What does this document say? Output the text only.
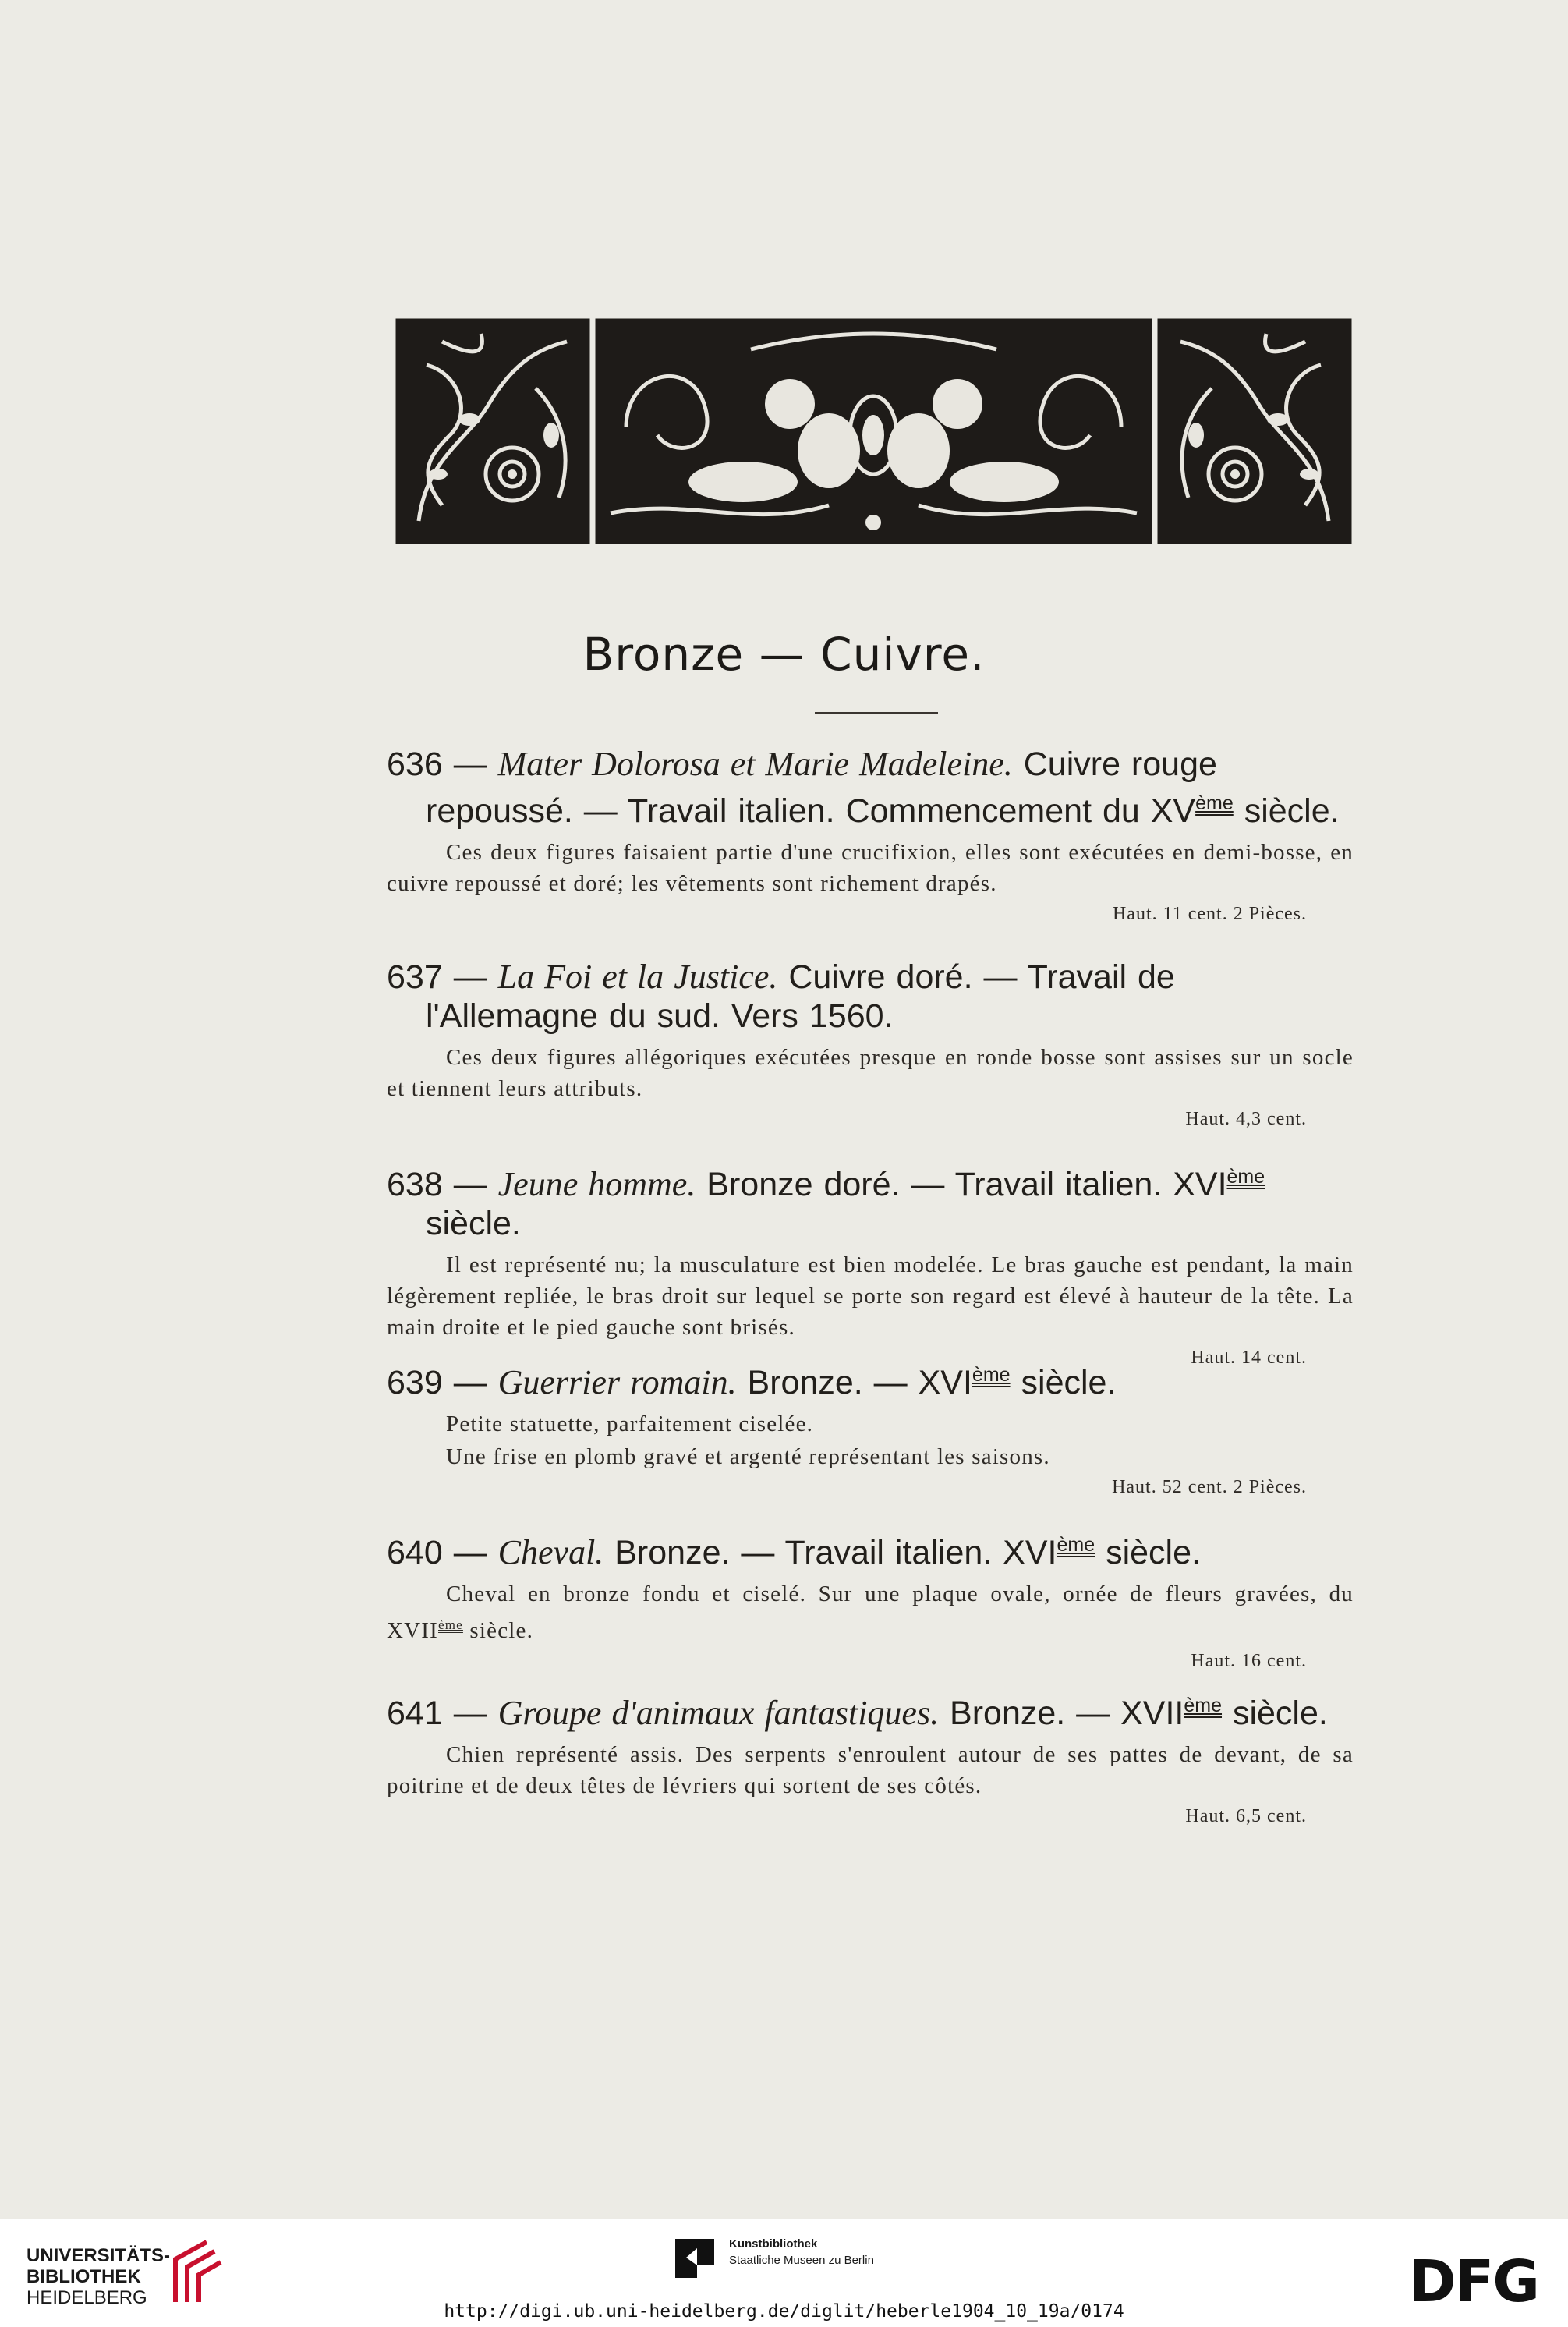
Bronze — Cuivre.
636 — Mater Dolorosa et Marie Madeleine. Cuivre rouge repoussé. — Travail italien. Commencement du XVème siècle.
Ces deux figures faisaient partie d'une crucifixion, elles sont exécutées en demi-bosse, en cuivre repoussé et doré; les vêtements sont richement drapés.
Haut. 11 cent. 2 Pièces.
637 — La Foi et la Justice. Cuivre doré. — Travail de l'Allemagne du sud. Vers 1560.
Ces deux figures allégoriques exécutées presque en ronde bosse sont assises sur un socle et tiennent leurs attributs.
Haut. 4,3 cent.
638 — Jeune homme. Bronze doré. — Travail italien. XVIème siècle.
Il est représenté nu; la musculature est bien modelée. Le bras gauche est pendant, la main légèrement repliée, le bras droit sur lequel se porte son regard est élevé à hauteur de la tête. La main droite et le pied gauche sont brisés.
Haut. 14 cent.
639 — Guerrier romain. Bronze. — XVIème siècle.
Petite statuette, parfaitement ciselée.
Une frise en plomb gravé et argenté représentant les saisons.
Haut. 52 cent. 2 Pièces.
640 — Cheval. Bronze. — Travail italien. XVIème siècle.
Cheval en bronze fondu et ciselé. Sur une plaque ovale, ornée de fleurs gravées, du XVIIème siècle.
Haut. 16 cent.
641 — Groupe d'animaux fantastiques. Bronze. — XVIIème siècle.
Chien représenté assis. Des serpents s'enroulent autour de ses pattes de devant, de sa poitrine et de deux têtes de lévriers qui sortent de ses côtés.
Haut. 6,5 cent.
UNIVERSITÄTS-
BIBLIOTHEK
HEIDELBERG
Kunstbibliothek
Staatliche Museen zu Berlin	DFG
http://digi.ub.uni-heidelberg.de/diglit/heberle1904_10_19a/0174
